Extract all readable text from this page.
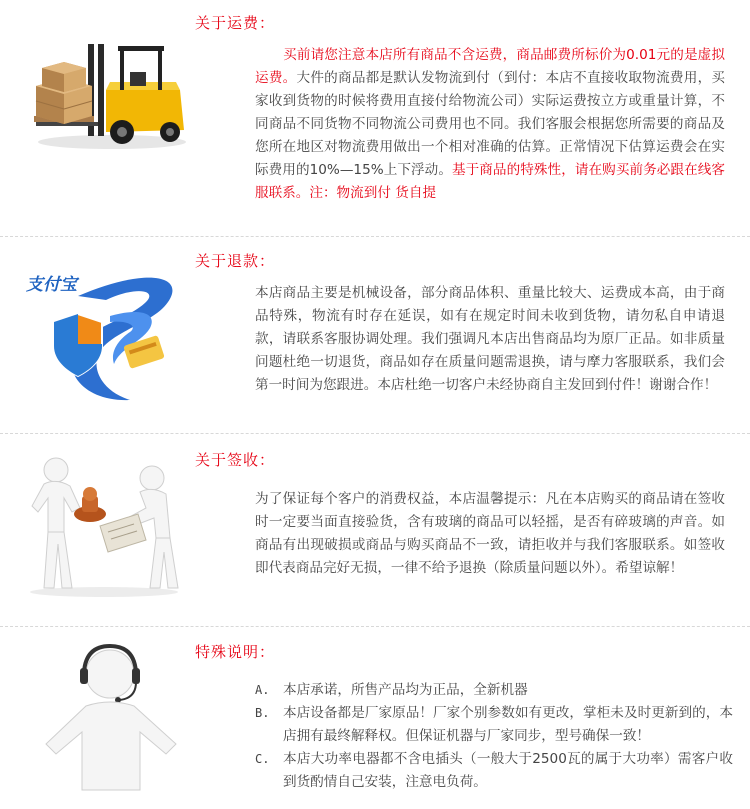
关于运费：

买前请您注意本店所有商品不含运费，商品邮费所标价为0.01元的是虚拟运费。大件的商品都是默认发物流到付（到付：本店不直接收取物流费用，买家收到货物的时候将费用直接付给物流公司）实际运费按立方或重量计算，不同商品不同货物不同物流公司费用也不同。我们客服会根据您所需要的商品及您所在地区对物流费用做出一个相对准确的估算。正常情况下估算运费会在实际费用的10%—15%上下浮动。基于商品的特殊性，请在购买前务必跟在线客服联系。注：物流到付 货自提

关于退款：
支付宝	本店商品主要是机械设备，部分商品体积、重量比较大、运费成本高，由于商品特殊，物流有时存在延误，如有在规定时间未收到货物，请勿私自申请退款，请联系客服协调处理。我们强调凡本店出售商品均为原厂正品。如非质量问题杜绝一切退货，商品如存在质量问题需退换，请与摩力客服联系，我们会第一时间为您跟进。本店杜绝一切客户未经协商自主发回到付件！谢谢合作！

关于签收：

为了保证每个客户的消费权益，本店温馨提示：凡在本店购买的商品请在签收时一定要当面直接验货，含有玻璃的商品可以轻摇，是否有碎玻璃的声音。如商品有出现破损或商品与购买商品不一致，请拒收并与我们客服联系。如签收即代表商品完好无损，一律不给予退换（除质量问题以外）。希望谅解！

特殊说明：
A. 本店承诺，所售产品均为正品，全新机器
B. 本店设备都是厂家原品！厂家个别参数如有更改，掌柜未及时更新到的，本店拥有最终解释权。但保证机器与厂家同步，型号确保一致！
C. 本店大功率电器都不含电插头（一般大于2500瓦的属于大功率）需客户收到货酌情自己安装，注意电负荷。
